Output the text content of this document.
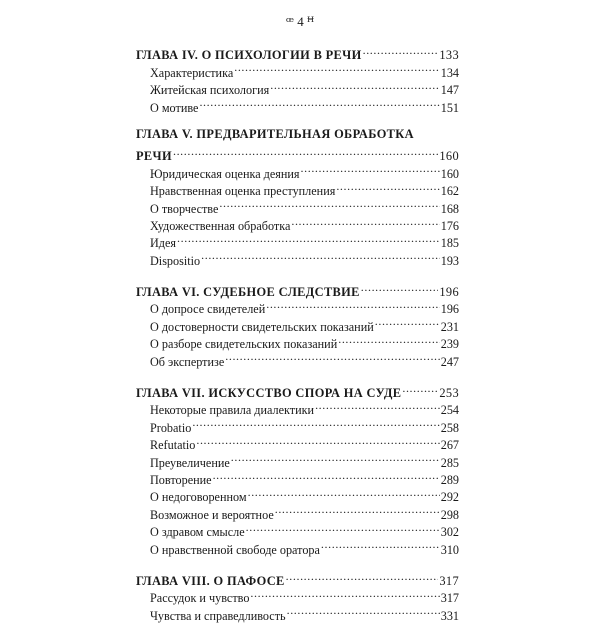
ꟹ 4 ꟸ
ГЛАВА IV. О ПСИХОЛОГИИ В РЕЧИ . . .	133
Характеристика . . .	134
Житейская психология . . .	147
О мотиве . . .	151
ГЛАВА V. ПРЕДВАРИТЕЛЬНАЯ ОБРАБОТКА
РЕЧИ . . .	160
Юридическая оценка деяния . . .	160
Нравственная оценка преступления . . .	162
О творчестве . . .	168
Художественная обработка . . .	176
Идея . . .	185
Dispositio . . .	193
ГЛАВА VI. СУДЕБНОЕ СЛЕДСТВИЕ . . .	196
О допросе свидетелей . . .	196
О достоверности свидетельских показаний . . .	231
О разборе свидетельских показаний . . .	239
Об экспертизе . . .	247
ГЛАВА VII. ИСКУССТВО СПОРА НА СУДЕ . . .	253
Некоторые правила диалектики . . .	254
Probatio . . .	258
Refutatio . . .	267
Преувеличение . . .	285
Повторение . . .	289
О недоговоренном . . .	292
Возможное и вероятное . . .	298
О здравом смысле . . .	302
О нравственной свободе оратора . . .	310
ГЛАВА VIII. О ПАФОСЕ . . .	317
Рассудок и чувство . . .	317
Чувства и справедливость . . .	331
